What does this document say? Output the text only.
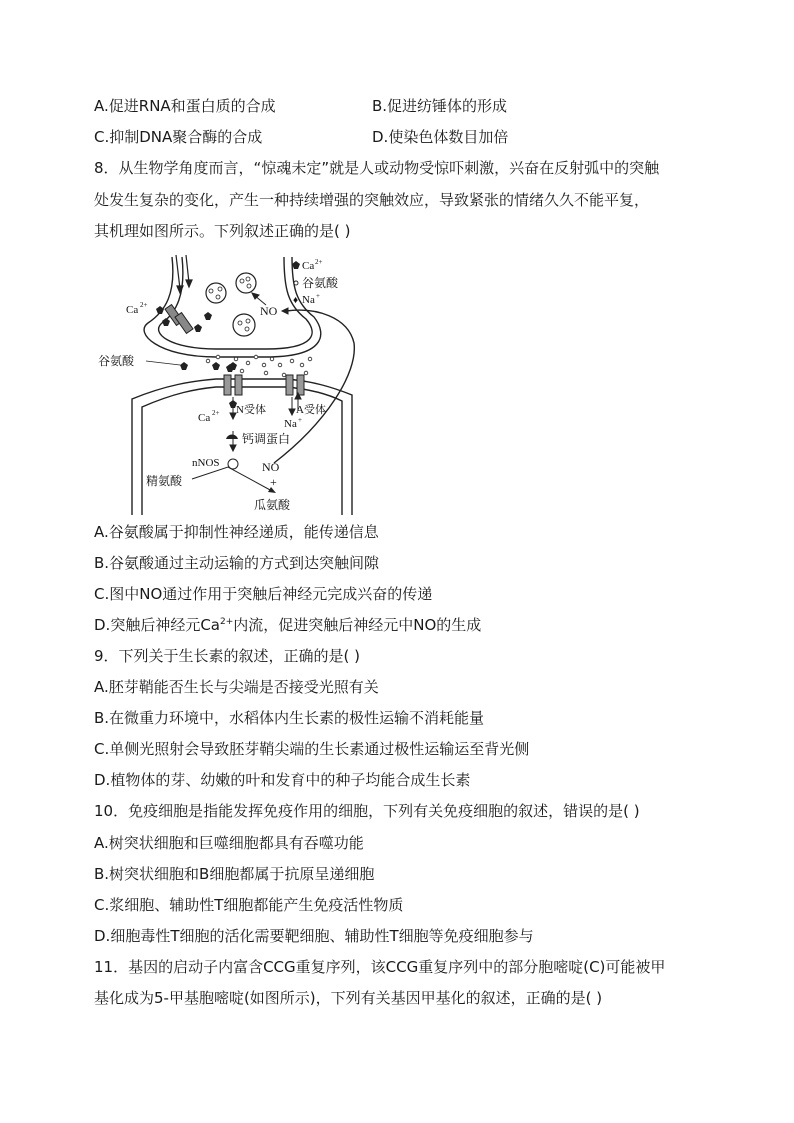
A.促进RNA和蛋白质的合成	B.促进纺锤体的形成
C.抑制DNA聚合酶的合成	D.使染色体数目加倍
8．从生物学角度而言，“惊魂未定”就是人或动物受惊吓刺激，兴奋在反射弧中的突触
处发生复杂的变化，产生一种持续增强的突触效应，导致紧张的情绪久久不能平复，
其机理如图所示。下列叙述正确的是( )
Ca 2+
谷氨酸
♦ Na +
Ca 2+	NO
谷氨酸
N受体	A受体
Ca 2+
Na +
钙调蛋白
nNOS	NO
+
精氨酸
瓜氨酸
A.谷氨酸属于抑制性神经递质，能传递信息
B.谷氨酸通过主动运输的方式到达突触间隙
C.图中NO通过作用于突触后神经元完成兴奋的传递
D.突触后神经元$Ca^{2+}$内流，促进突触后神经元中NO的生成
9．下列关于生长素的叙述，正确的是( )
A.胚芽鞘能否生长与尖端是否接受光照有关
B.在微重力环境中，水稻体内生长素的极性运输不消耗能量
C.单侧光照射会导致胚芽鞘尖端的生长素通过极性运输运至背光侧
D.植物体的芽、幼嫩的叶和发育中的种子均能合成生长素
10．免疫细胞是指能发挥免疫作用的细胞，下列有关免疫细胞的叙述，错误的是( )
A.树突状细胞和巨噬细胞都具有吞噬功能
B.树突状细胞和B细胞都属于抗原呈递细胞
C.浆细胞、辅助性T细胞都能产生免疫活性物质
D.细胞毒性T细胞的活化需要靶细胞、辅助性T细胞等免疫细胞参与
11．基因的启动子内富含CCG重复序列，该CCG重复序列中的部分胞嘧啶(C)可能被甲
基化成为5-甲基胞嘧啶(如图所示)，下列有关基因甲基化的叙述，正确的是( )
